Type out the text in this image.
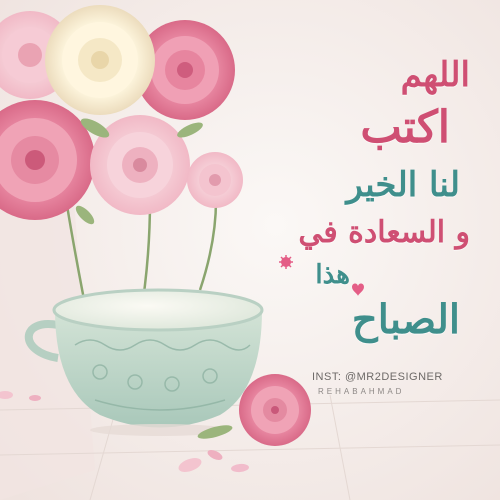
اللهم
اكتب
لنا الخير
و السعادة في
هذا
الصباح
INST: @MR2DESIGNER
REHABAHMAD
